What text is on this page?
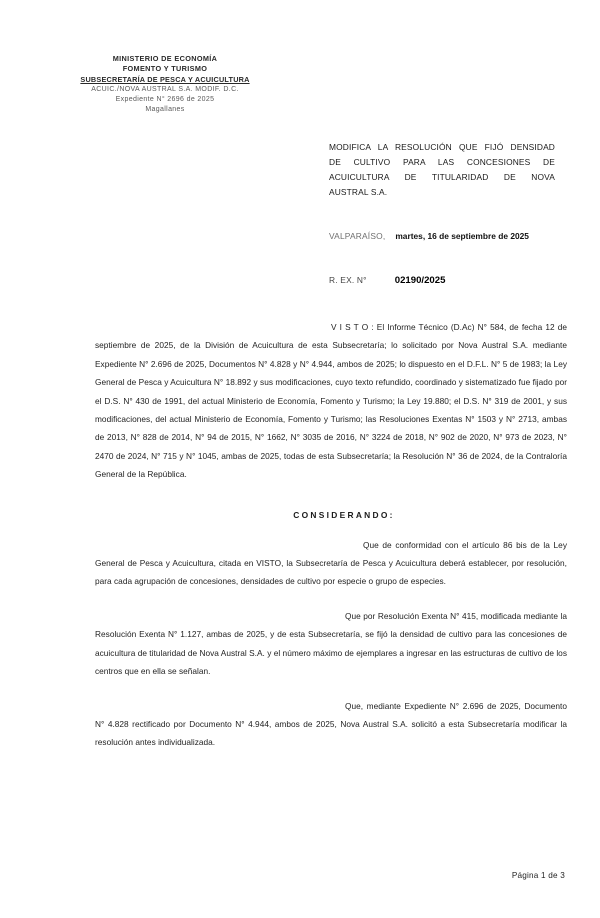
MINISTERIO DE ECONOMÍA
FOMENTO Y TURISMO
SUBSECRETARÍA DE PESCA Y ACUICULTURA
ACUIC./NOVA AUSTRAL S.A. MODIF. D.C.
Expediente N° 2696 de 2025
Magallanes
MODIFICA LA RESOLUCIÓN QUE FIJÓ DENSIDAD
DE CULTIVO PARA LAS CONCESIONES DE
ACUICULTURA DE TITULARIDAD DE NOVA
AUSTRAL S.A.
VALPARAÍSO, martes, 16 de septiembre de 2025
R. EX. N°	02190/2025

V I S T O : El Informe Técnico (D.Ac) N° 584, de fecha 12 de septiembre de 2025, de la División de Acuicultura de esta Subsecretaría; lo solicitado por Nova Austral S.A. mediante Expediente N° 2.696 de 2025, Documentos N° 4.828 y N° 4.944, ambos de 2025; lo dispuesto en el D.F.L. N° 5 de 1983; la Ley General de Pesca y Acuicultura N° 18.892 y sus modificaciones, cuyo texto refundido, coordinado y sistematizado fue fijado por el D.S. N° 430 de 1991, del actual Ministerio de Economía, Fomento y Turismo; la Ley 19.880; el D.S. N° 319 de 2001, y sus modificaciones, del actual Ministerio de Economía, Fomento y Turismo; las Resoluciones Exentas N° 1503 y N° 2713, ambas de 2013, N° 828 de 2014, N° 94 de 2015, N° 1662, N° 3035 de 2016, N° 3224 de 2018, N° 902 de 2020, N° 973 de 2023, N° 2470 de 2024, N° 715 y N° 1045, ambas de 2025, todas de esta Subsecretaría; la Resolución N° 36 de 2024, de la Contraloría General de la República.

CONSIDERANDO:

Que de conformidad con el artículo 86 bis de la Ley General de Pesca y Acuicultura, citada en VISTO, la Subsecretaría de Pesca y Acuicultura deberá establecer, por resolución, para cada agrupación de concesiones, densidades de cultivo por especie o grupo de especies.

Que por Resolución Exenta N° 415, modificada mediante la Resolución Exenta N° 1.127, ambas de 2025, y de esta Subsecretaría, se fijó la densidad de cultivo para las concesiones de acuicultura de titularidad de Nova Austral S.A. y el número máximo de ejemplares a ingresar en las estructuras de cultivo de los centros que en ella se señalan.

Que, mediante Expediente N° 2.696 de 2025, Documento N° 4.828 rectificado por Documento N° 4.944, ambos de 2025, Nova Austral S.A. solicitó a esta Subsecretaría modificar la resolución antes individualizada.

Página 1 de 3
